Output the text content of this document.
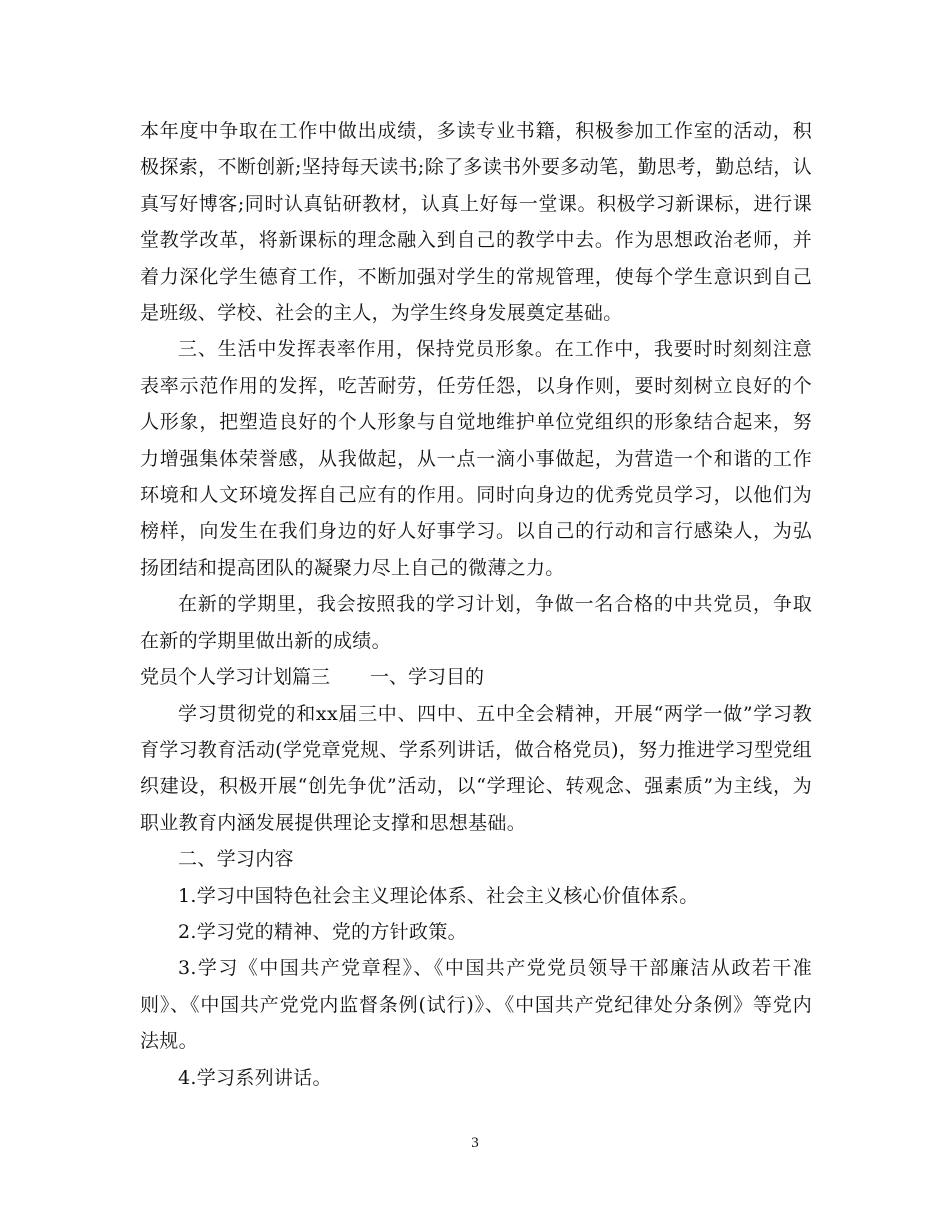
本年度中争取在工作中做出成绩，多读专业书籍，积极参加工作室的活动，积极探索，不断创新;坚持每天读书;除了多读书外要多动笔，勤思考，勤总结，认真写好博客;同时认真钻研教材，认真上好每一堂课。积极学习新课标，进行课堂教学改革，将新课标的理念融入到自己的教学中去。作为思想政治老师，并着力深化学生德育工作，不断加强对学生的常规管理，使每个学生意识到自己是班级、学校、社会的主人，为学生终身发展奠定基础。

三、生活中发挥表率作用，保持党员形象。在工作中，我要时时刻刻注意表率示范作用的发挥，吃苦耐劳，任劳任怨，以身作则，要时刻树立良好的个人形象，把塑造良好的个人形象与自觉地维护单位党组织的形象结合起来，努力增强集体荣誉感，从我做起，从一点一滴小事做起，为营造一个和谐的工作环境和人文环境发挥自己应有的作用。同时向身边的优秀党员学习，以他们为榜样，向发生在我们身边的好人好事学习。以自己的行动和言行感染人，为弘扬团结和提高团队的凝聚力尽上自己的微薄之力。

在新的学期里，我会按照我的学习计划，争做一名合格的中共党员，争取在新的学期里做出新的成绩。

党员个人学习计划篇三 一、学习目的

学习贯彻党的和xx届三中、四中、五中全会精神，开展“两学一做”学习教育学习教育活动(学党章党规、学系列讲话，做合格党员)，努力推进学习型党组织建设，积极开展“创先争优”活动，以“学理论、转观念、强素质”为主线，为职业教育内涵发展提供理论支撑和思想基础。

二、学习内容

1.学习中国特色社会主义理论体系、社会主义核心价值体系。

2.学习党的精神、党的方针政策。

3.学习《中国共产党章程》、《中国共产党党员领导干部廉洁从政若干准则》、《中国共产党党内监督条例(试行)》、《中国共产党纪律处分条例》等党内法规。

4.学习系列讲话。

3
